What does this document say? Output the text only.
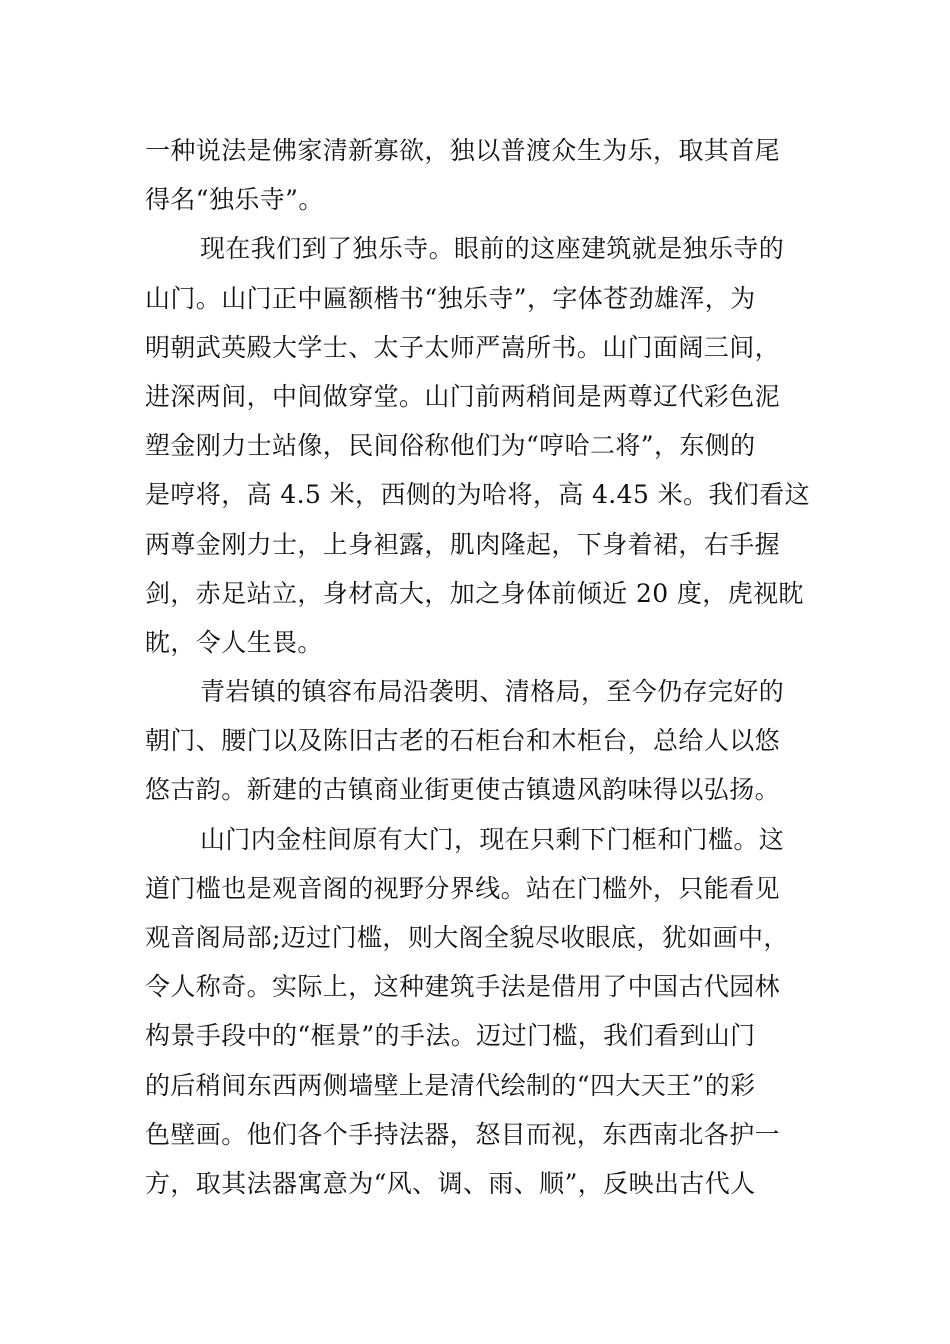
一种说法是佛家清新寡欲，独以普渡众生为乐，取其首尾
得名“独乐寺”。

现在我们到了独乐寺。眼前的这座建筑就是独乐寺的
山门。山门正中匾额楷书“独乐寺”，字体苍劲雄浑，为
明朝武英殿大学士、太子太师严嵩所书。山门面阔三间，
进深两间，中间做穿堂。山门前两稍间是两尊辽代彩色泥
塑金刚力士站像，民间俗称他们为“哼哈二将”，东侧的
是哼将，高 4.5 米，西侧的为哈将，高 4.45 米。我们看这
两尊金刚力士，上身袒露，肌肉隆起，下身着裙，右手握
剑，赤足站立，身材高大，加之身体前倾近 20 度，虎视眈
眈，令人生畏。

青岩镇的镇容布局沿袭明、清格局，至今仍存完好的
朝门、腰门以及陈旧古老的石柜台和木柜台，总给人以悠
悠古韵。新建的古镇商业街更使古镇遗风韵味得以弘扬。

山门内金柱间原有大门，现在只剩下门框和门槛。这
道门槛也是观音阁的视野分界线。站在门槛外，只能看见
观音阁局部;迈过门槛，则大阁全貌尽收眼底，犹如画中，
令人称奇。实际上，这种建筑手法是借用了中国古代园林
构景手段中的“框景”的手法。迈过门槛，我们看到山门
的后稍间东西两侧墙壁上是清代绘制的“四大天王”的彩
色壁画。他们各个手持法器，怒目而视，东西南北各护一
方，取其法器寓意为“风、调、雨、顺”，反映出古代人
